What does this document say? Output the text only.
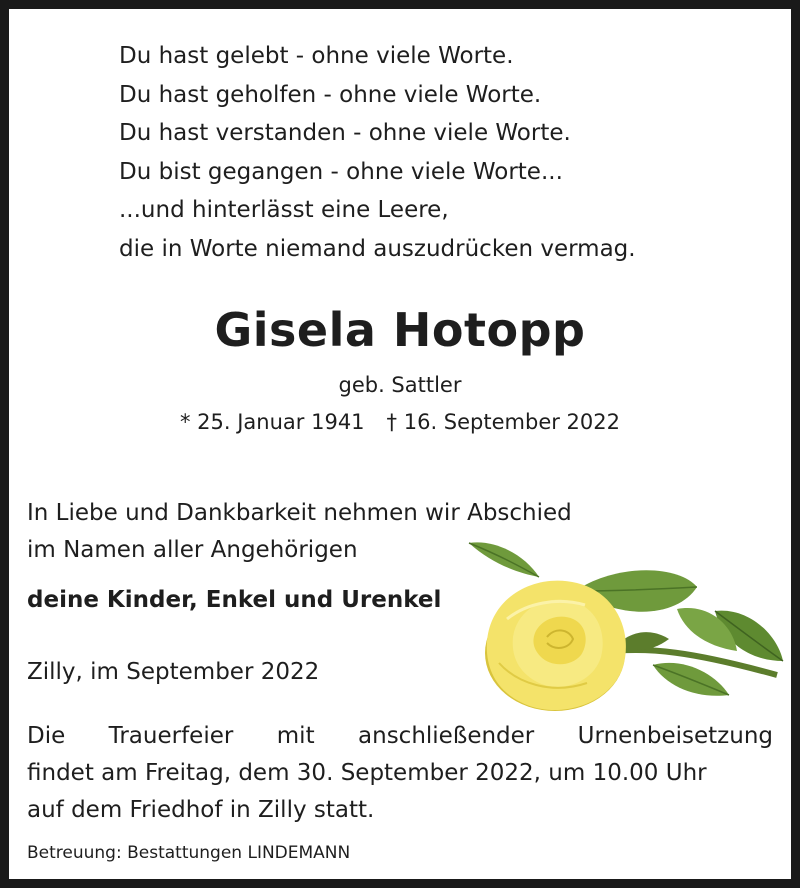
Du hast gelebt - ohne viele Worte.
Du hast geholfen - ohne viele Worte.
Du hast verstanden - ohne viele Worte.
Du bist gegangen - ohne viele Worte...
...und hinterlässt eine Leere,
die in Worte niemand auszudrücken vermag.
Gisela Hotopp
geb. Sattler
* 25. Januar 1941 † 16. September 2022
In Liebe und Dankbarkeit nehmen wir Abschied
im Namen aller Angehörigen
deine Kinder, Enkel und Urenkel
Zilly, im September 2022
Die Trauerfeier mit anschließender Urnenbeisetzung
findet am Freitag, dem 30. September 2022, um 10.00 Uhr
auf dem Friedhof in Zilly statt.
Betreuung: Bestattungen LINDEMANN
